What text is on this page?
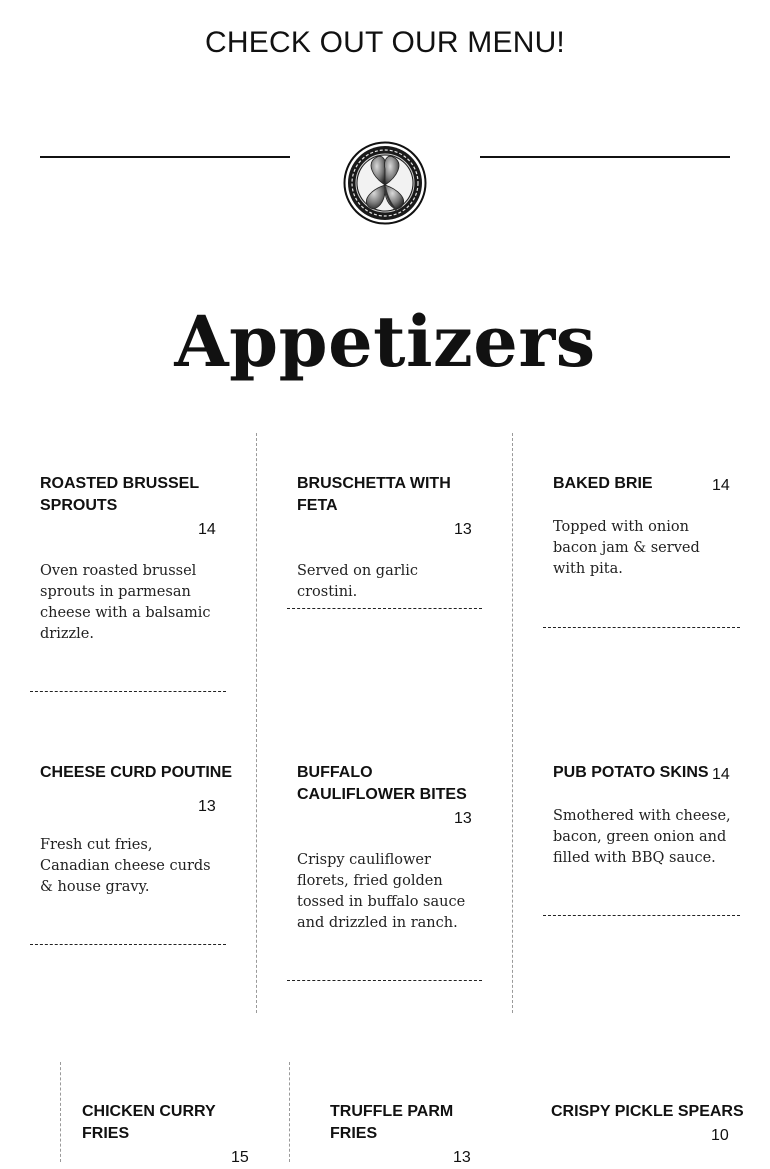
CHECK OUT OUR MENU!
Appetizers
ROASTED BRUSSEL SPROUTS
14
Oven roasted brussel sprouts in parmesan cheese with a balsamic drizzle.
BRUSCHETTA WITH FETA
13
Served on garlic crostini.
BAKED BRIE	14
Topped with onion bacon jam & served with pita.
CHEESE CURD POUTINE
13
Fresh cut fries, Canadian cheese curds & house gravy.
BUFFALO CAULIFLOWER BITES
13
Crispy cauliflower florets, fried golden tossed in buffalo sauce and drizzled in ranch.
PUB POTATO SKINS 14
Smothered with cheese, bacon, green onion and filled with BBQ sauce.
CHICKEN CURRY FRIES
15
TRUFFLE PARM FRIES
13
CRISPY PICKLE SPEARS
10
